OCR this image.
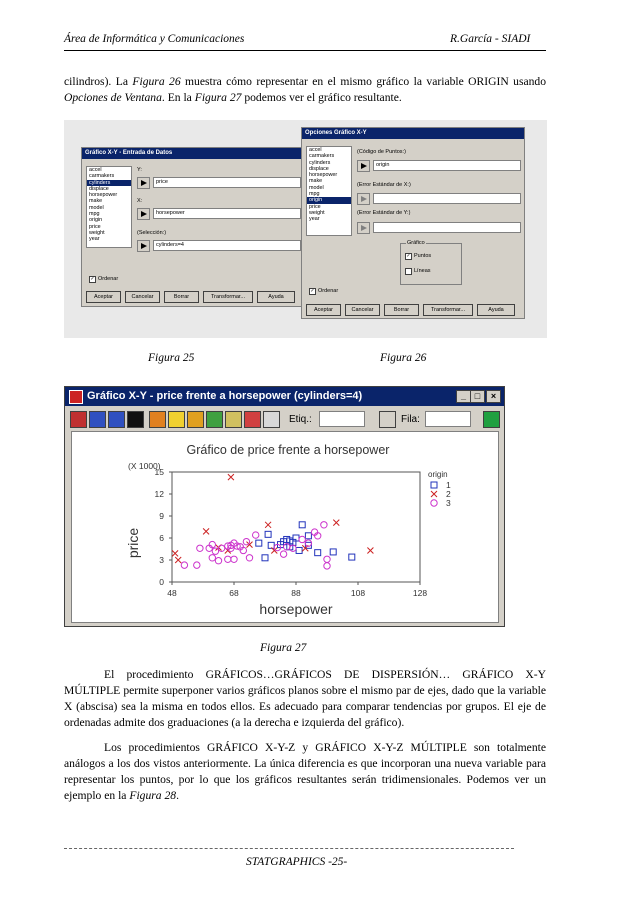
Área de Informática y Comunicaciones	R.García - SIADI
cilindros). La Figura 26 muestra cómo representar en el mismo gráfico la variable ORIGIN usando Opciones de Ventana. En la Figura 27 podemos ver el gráfico resultante.
Gráfico X-Y - Entrada de Datos
accel
carmakers
cylinders
displace
horsepower
make
model
mpg
origin
price
weight
year
Y:
price
X:
horsepower
(Selección:)
cylinders=4
✓ Ordenar
Aceptar	Cancelar	Borrar	Transformar...	Ayuda
Opciones Gráfico X-Y
accel
carmakers
cylinders
displace
horsepower
make
model
mpg
origin
price
weight
year
(Código de Puntos:)
origin
(Error Estándar de X:)
(Error Estándar de Y:)
Gráfico
✓ Puntos
Líneas
✓ Ordenar
Aceptar	Cancelar	Borrar	Transformar...	Ayuda
Figura 25	Figura 26
Gráfico X-Y - price frente a horsepower (cylinders=4)	_ □	×
Etiq.:	Fila:
Gráfico de price frente a horsepower
(X 1000)
price
horsepower
origin
0
3
6
9
12
15
48	68	88	108	128
1
2
3
Figura 27
El procedimiento GRÁFICOS…GRÁFICOS DE DISPERSIÓN… GRÁFICO X-Y MÚLTIPLE permite superponer varios gráficos planos sobre el mismo par de ejes, dado que la variable X (abscisa) sea la misma en todos ellos. Es adecuado para comparar tendencias por grupos. El eje de ordenadas admite dos graduaciones (a la derecha e izquierda del gráfico).
Los procedimientos GRÁFICO X-Y-Z y GRÁFICO X-Y-Z MÚLTIPLE son totalmente análogos a los dos vistos anteriormente. La única diferencia es que incorporan una nueva variable para representar los puntos, por lo que los gráficos resultantes serán tridimensionales. Podemos ver un ejemplo en la Figura 28.
STATGRAPHICS -25-
